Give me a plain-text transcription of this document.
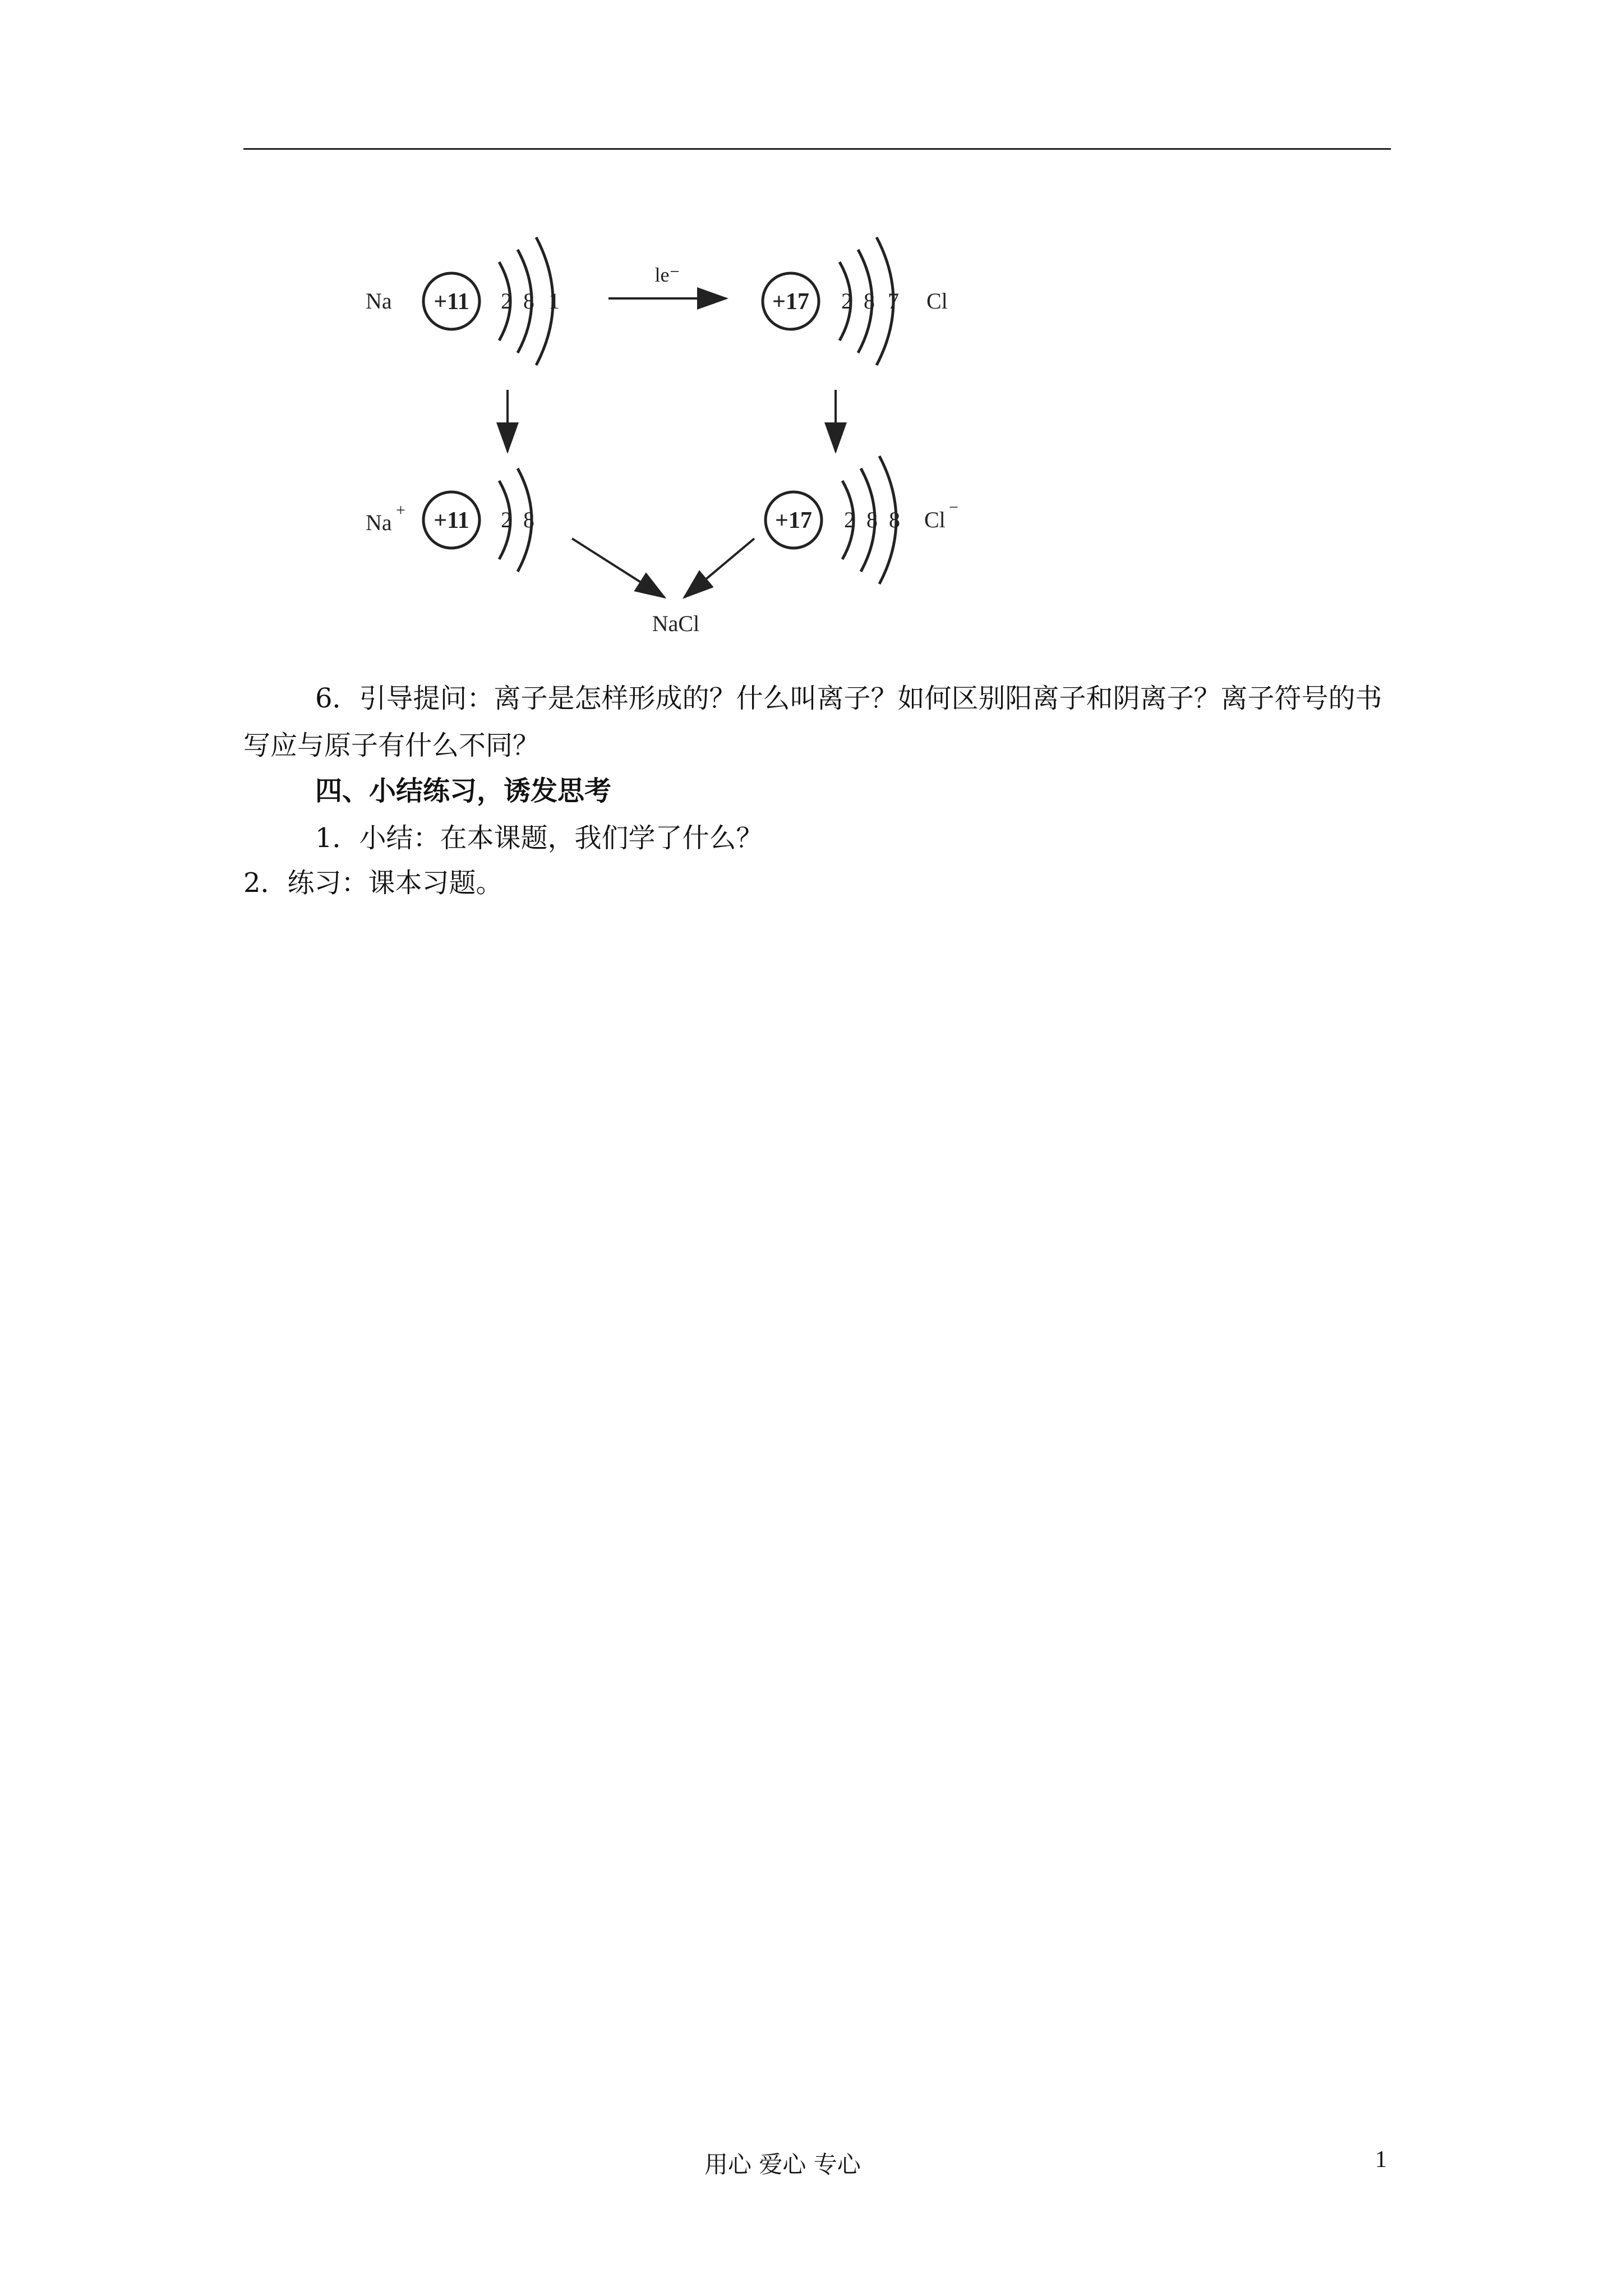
Na +11 2 8 1
le⁻
+17 2 8 7 Cl
Na + +11 2 8	+17 2 8 8 Cl −
NaCl

6．引导提问：离子是怎样形成的？什么叫离子？如何区别阳离子和阴离子？离子符号的书写应与原子有什么不同？

四、小结练习，诱发思考

1．小结：在本课题，我们学了什么？

2．练习：课本习题。

用心 爱心 专心	1
